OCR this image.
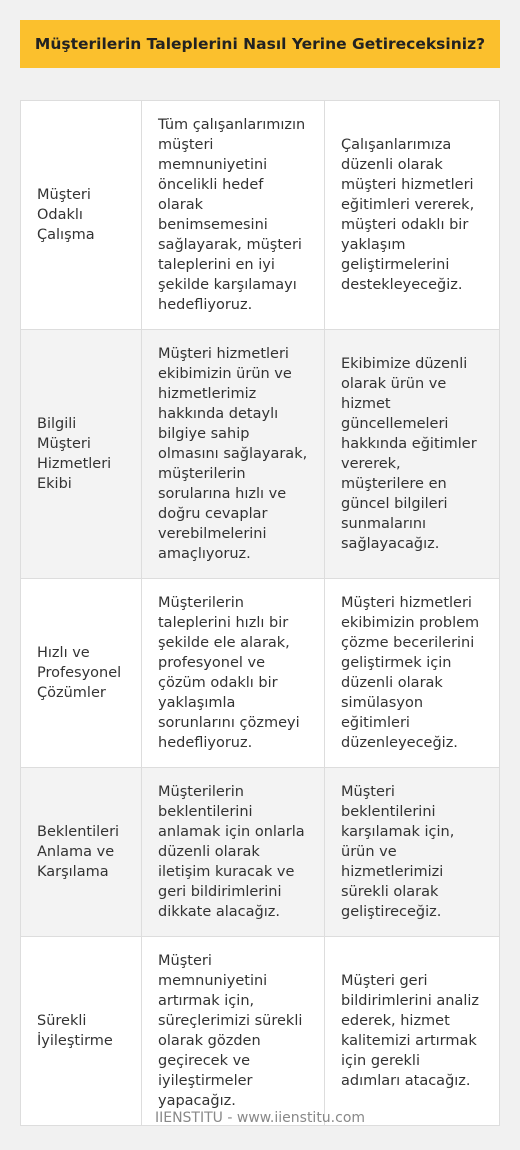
Müşterilerin Taleplerini Nasıl Yerine Getireceksiniz?
Müşteri Odaklı Çalışma	Tüm çalışanlarımızın müşteri memnuniyetini öncelikli hedef olarak benimsemesini sağlayarak, müşteri taleplerini en iyi şekilde karşılamayı hedefliyoruz.	Çalışanlarımıza düzenli olarak müşteri hizmetleri eğitimleri vererek, müşteri odaklı bir yaklaşım geliştirmelerini destekleyeceğiz.
Bilgili Müşteri Hizmetleri Ekibi	Müşteri hizmetleri ekibimizin ürün ve hizmetlerimiz hakkında detaylı bilgiye sahip olmasını sağlayarak, müşterilerin sorularına hızlı ve doğru cevaplar verebilmelerini amaçlıyoruz.	Ekibimize düzenli olarak ürün ve hizmet güncellemeleri hakkında eğitimler vererek, müşterilere en güncel bilgileri sunmalarını sağlayacağız.
Hızlı ve Profesyonel Çözümler	Müşterilerin taleplerini hızlı bir şekilde ele alarak, profesyonel ve çözüm odaklı bir yaklaşımla sorunlarını çözmeyi hedefliyoruz.	Müşteri hizmetleri ekibimizin problem çözme becerilerini geliştirmek için düzenli olarak simülasyon eğitimleri düzenleyeceğiz.
Beklentileri Anlama ve Karşılama	Müşterilerin beklentilerini anlamak için onlarla düzenli olarak iletişim kuracak ve geri bildirimlerini dikkate alacağız.	Müşteri beklentilerini karşılamak için, ürün ve hizmetlerimizi sürekli olarak geliştireceğiz.
Sürekli İyileştirme	Müşteri memnuniyetini artırmak için, süreçlerimizi sürekli olarak gözden geçirecek ve iyileştirmeler yapacağız.	Müşteri geri bildirimlerini analiz ederek, hizmet kalitemizi artırmak için gerekli adımları atacağız.
IIENSTITU - www.iienstitu.com
